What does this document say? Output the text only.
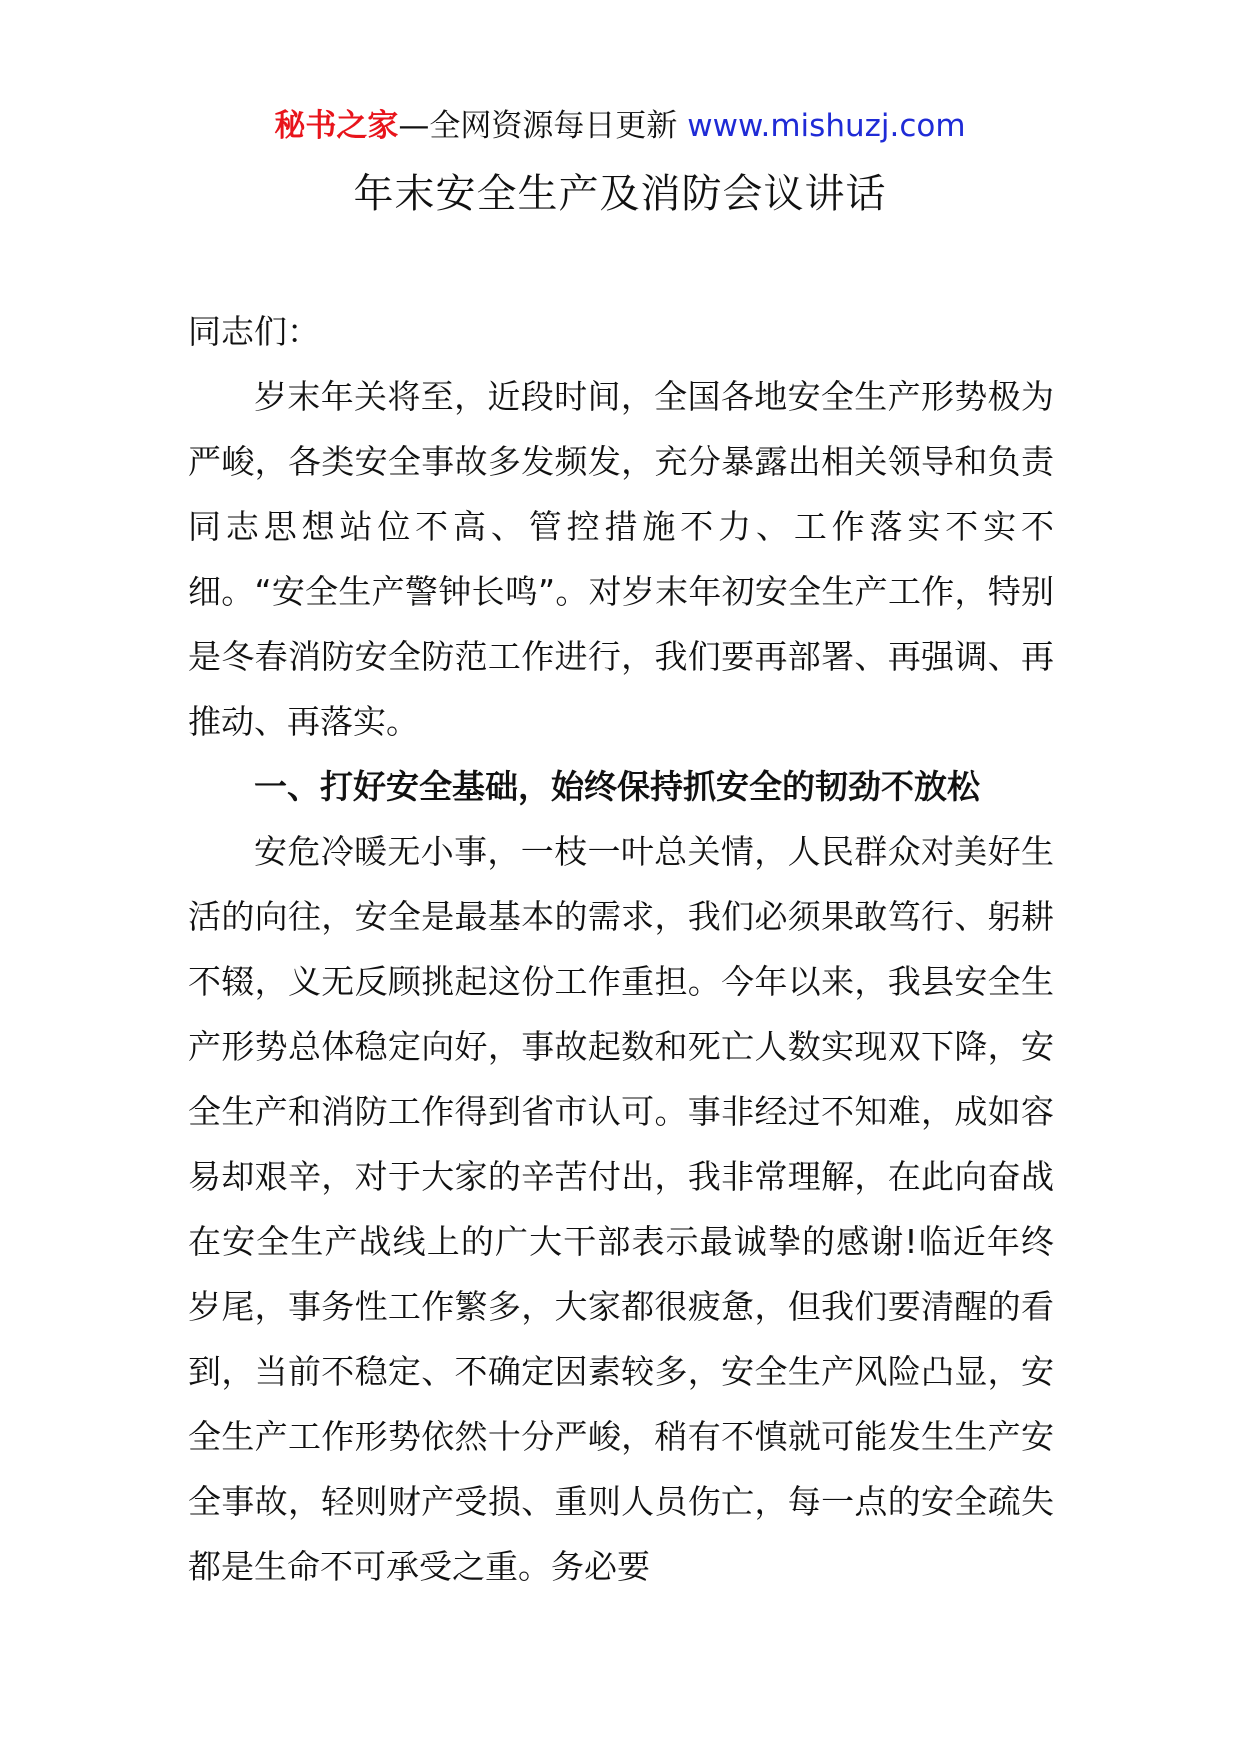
秘书之家—全网资源每日更新 www.mishuzj.com
年末安全生产及消防会议讲话

同志们：

岁末年关将至，近段时间，全国各地安全生产形势极为严峻，各类安全事故多发频发，充分暴露出相关领导和负责同志思想站位不高、管控措施不力、工作落实不实不细。“安全生产警钟长鸣”。对岁末年初安全生产工作，特别是冬春消防安全防范工作进行，我们要再部署、再强调、再推动、再落实。

一、打好安全基础，始终保持抓安全的韧劲不放松

安危冷暖无小事，一枝一叶总关情，人民群众对美好生活的向往，安全是最基本的需求，我们必须果敢笃行、躬耕不辍，义无反顾挑起这份工作重担。今年以来，我县安全生产形势总体稳定向好，事故起数和死亡人数实现双下降，安全生产和消防工作得到省市认可。事非经过不知难，成如容易却艰辛，对于大家的辛苦付出，我非常理解，在此向奋战在安全生产战线上的广大干部表示最诚挚的感谢!临近年终岁尾，事务性工作繁多，大家都很疲惫，但我们要清醒的看到，当前不稳定、不确定因素较多，安全生产风险凸显，安全生产工作形势依然十分严峻，稍有不慎就可能发生生产安全事故，轻则财产受损、重则人员伤亡，每一点的安全疏失都是生命不可承受之重。务必要
